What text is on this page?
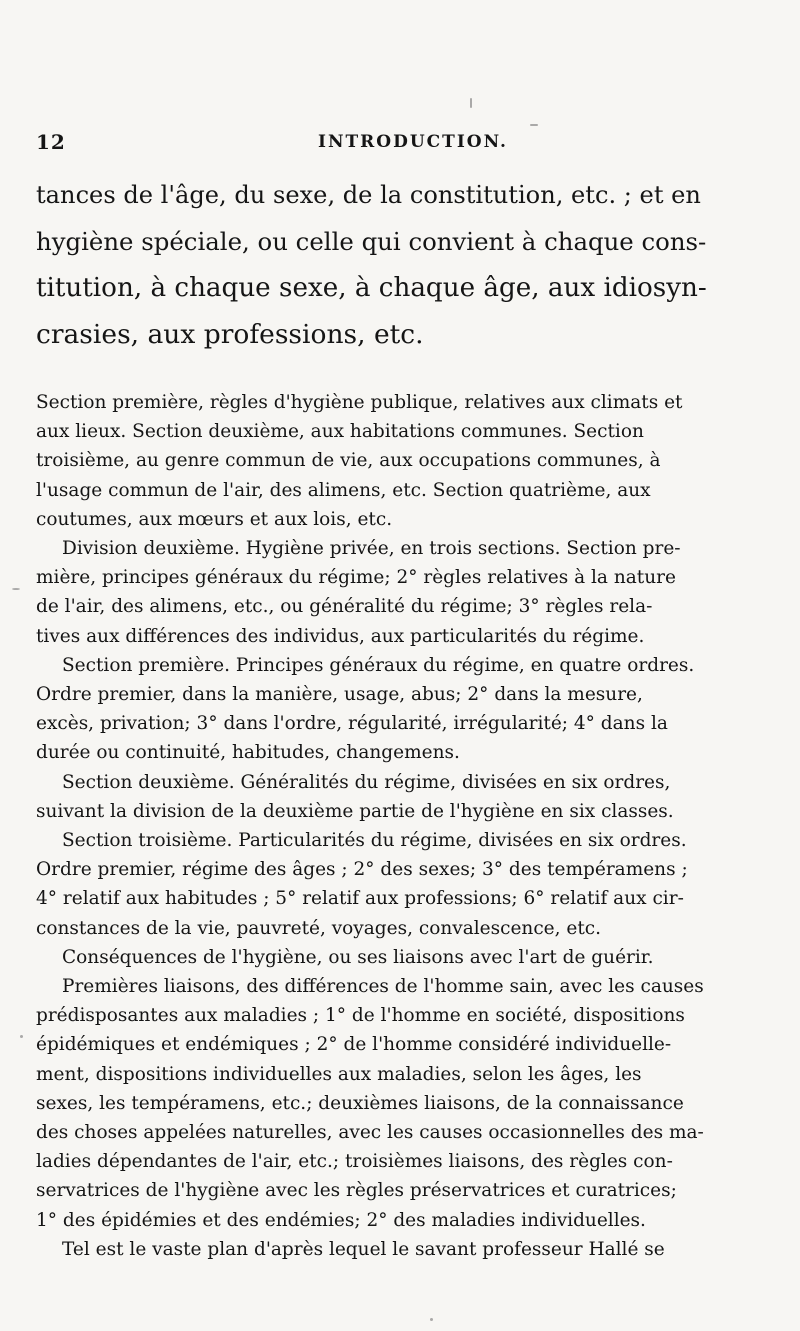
12	INTRODUCTION.
tances de l'âge, du sexe, de la constitution, etc. ; et en
hygiène spéciale, ou celle qui convient à chaque cons-
titution, à chaque sexe, à chaque âge, aux idiosyn-
crasies, aux professions, etc.
Section première, règles d'hygiène publique, relatives aux climats et
aux lieux. Section deuxième, aux habitations communes. Section
troisième, au genre commun de vie, aux occupations communes, à
l'usage commun de l'air, des alimens, etc. Section quatrième, aux
coutumes, aux mœurs et aux lois, etc.
Division deuxième. Hygiène privée, en trois sections. Section pre-
mière, principes généraux du régime; 2° règles relatives à la nature
de l'air, des alimens, etc., ou généralité du régime; 3° règles rela-
tives aux différences des individus, aux particularités du régime.
Section première. Principes généraux du régime, en quatre ordres.
Ordre premier, dans la manière, usage, abus; 2° dans la mesure,
excès, privation; 3° dans l'ordre, régularité, irrégularité; 4° dans la
durée ou continuité, habitudes, changemens.
Section deuxième. Généralités du régime, divisées en six ordres,
suivant la division de la deuxième partie de l'hygiène en six classes.
Section troisième. Particularités du régime, divisées en six ordres.
Ordre premier, régime des âges ; 2° des sexes; 3° des tempéramens ;
4° relatif aux habitudes ; 5° relatif aux professions; 6° relatif aux cir-
constances de la vie, pauvreté, voyages, convalescence, etc.
Conséquences de l'hygiène, ou ses liaisons avec l'art de guérir.
Premières liaisons, des différences de l'homme sain, avec les causes
prédisposantes aux maladies ; 1° de l'homme en société, dispositions
épidémiques et endémiques ; 2° de l'homme considéré individuelle-
ment, dispositions individuelles aux maladies, selon les âges, les
sexes, les tempéramens, etc.; deuxièmes liaisons, de la connaissance
des choses appelées naturelles, avec les causes occasionnelles des ma-
ladies dépendantes de l'air, etc.; troisièmes liaisons, des règles con-
servatrices de l'hygiène avec les règles préservatrices et curatrices;
1° des épidémies et des endémies; 2° des maladies individuelles.
Tel est le vaste plan d'après lequel le savant professeur Hallé se
